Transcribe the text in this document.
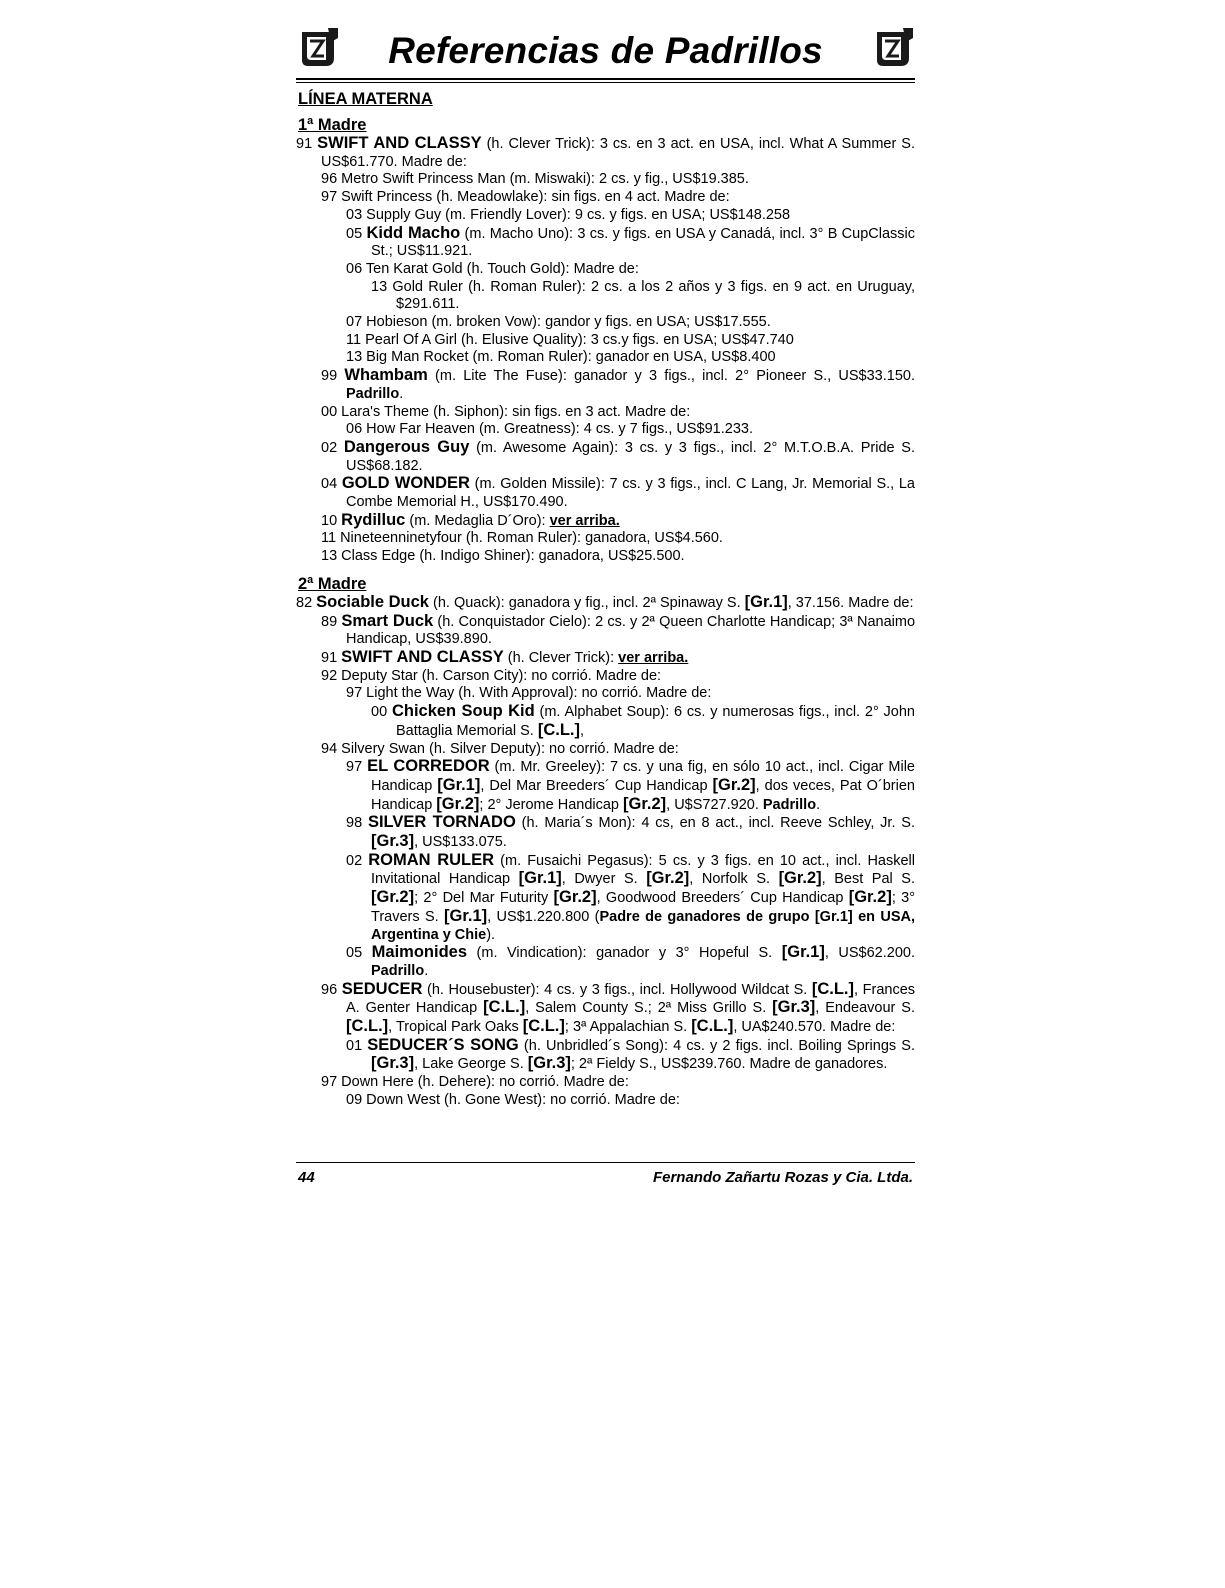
Referencias de Padrillos
LÍNEA MATERNA
1ª Madre
91 SWIFT AND CLASSY (h. Clever Trick): 3 cs. en 3 act. en USA, incl. What A Summer S. US$61.770. Madre de:
96 Metro Swift Princess Man (m. Miswaki): 2 cs. y fig., US$19.385.
97 Swift Princess (h. Meadowlake): sin figs. en 4 act. Madre de:
03 Supply Guy (m. Friendly Lover): 9 cs. y figs. en USA; US$148.258
05 Kidd Macho (m. Macho Uno): 3 cs. y figs. en USA y Canadá, incl. 3° B CupClassic St.; US$11.921.
06 Ten Karat Gold (h. Touch Gold): Madre de:
13 Gold Ruler (h. Roman Ruler): 2 cs. a los 2 años y 3 figs. en 9 act. en Uruguay, $291.611.
07 Hobieson (m. broken Vow): gandor y figs. en USA; US$17.555.
11 Pearl Of A Girl (h. Elusive Quality): 3 cs.y figs. en USA; US$47.740
13 Big Man Rocket (m. Roman Ruler): ganador en USA, US$8.400
99 Whambam (m. Lite The Fuse): ganador y 3 figs., incl. 2° Pioneer S., US$33.150. Padrillo.
00 Lara's Theme (h. Siphon): sin figs. en 3 act. Madre de:
06 How Far Heaven (m. Greatness): 4 cs. y 7 figs., US$91.233.
02 Dangerous Guy (m. Awesome Again): 3 cs. y 3 figs., incl. 2° M.T.O.B.A. Pride S. US$68.182.
04 GOLD WONDER (m. Golden Missile): 7 cs. y 3 figs., incl. C Lang, Jr. Memorial S., La Combe Memorial H., US$170.490.
10 Rydilluc (m. Medaglia D´Oro): ver arriba.
11 Nineteenninetyfour (h. Roman Ruler): ganadora, US$4.560.
13 Class Edge (h. Indigo Shiner): ganadora, US$25.500.
2ª Madre
82 Sociable Duck (h. Quack): ganadora y fig., incl. 2ª Spinaway S. [Gr.1], 37.156. Madre de:
89 Smart Duck (h. Conquistador Cielo): 2 cs. y 2ª Queen Charlotte Handicap; 3ª Nanaimo Handicap, US$39.890.
91 SWIFT AND CLASSY (h. Clever Trick): ver arriba.
92 Deputy Star (h. Carson City): no corrió. Madre de:
97 Light the Way (h. With Approval): no corrió. Madre de:
00 Chicken Soup Kid (m. Alphabet Soup): 6 cs. y numerosas figs., incl. 2° John Battaglia Memorial S. [C.L.],
94 Silvery Swan (h. Silver Deputy): no corrió. Madre de:
97 EL CORREDOR (m. Mr. Greeley): 7 cs. y una fig, en sólo 10 act., incl. Cigar Mile Handicap [Gr.1], Del Mar Breeders´ Cup Handicap [Gr.2], dos veces, Pat O´brien Handicap [Gr.2]; 2° Jerome Handicap [Gr.2], U$S727.920. Padrillo.
98 SILVER TORNADO (h. Maria´s Mon): 4 cs, en 8 act., incl. Reeve Schley, Jr. S. [Gr.3], US$133.075.
02 ROMAN RULER (m. Fusaichi Pegasus): 5 cs. y 3 figs. en 10 act., incl. Haskell Invitational Handicap [Gr.1], Dwyer S. [Gr.2], Norfolk S. [Gr.2], Best Pal S. [Gr.2]; 2° Del Mar Futurity [Gr.2], Goodwood Breeders´ Cup Handicap [Gr.2]; 3° Travers S. [Gr.1], US$1.220.800 (Padre de ganadores de grupo [Gr.1] en USA, Argentina y Chie).
05 Maimonides (m. Vindication): ganador y 3° Hopeful S. [Gr.1], US$62.200. Padrillo.
96 SEDUCER (h. Housebuster): 4 cs. y 3 figs., incl. Hollywood Wildcat S. [C.L.], Frances A. Genter Handicap [C.L.], Salem County S.; 2ª Miss Grillo S. [Gr.3], Endeavour S. [C.L.], Tropical Park Oaks [C.L.]; 3ª Appalachian S. [C.L.], UA$240.570. Madre de:
01 SEDUCER´S SONG (h. Unbridled´s Song): 4 cs. y 2 figs. incl. Boiling Springs S. [Gr.3], Lake George S. [Gr.3]; 2ª Fieldy S., US$239.760. Madre de ganadores.
97 Down Here (h. Dehere): no corrió. Madre de:
09 Down West (h. Gone West): no corrió. Madre de:
44	Fernando Zañartu Rozas y Cia. Ltda.
